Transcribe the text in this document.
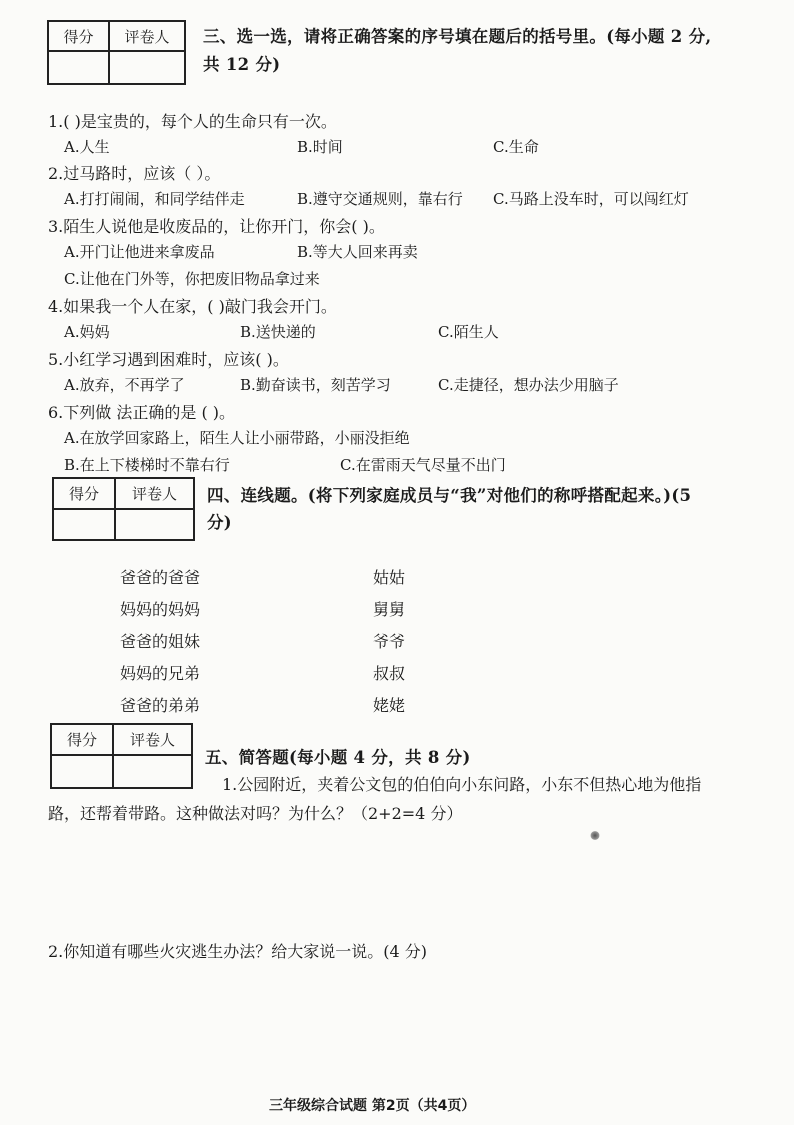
得分	评卷人
	三、选一选，请将正确答案的序号填在题后的括号里。(每小题 2 分,
共 12 分)
1.( )是宝贵的，每个人的生命只有一次。
A.人生	B.时间	C.生命
2.过马路时，应该（ ）。
A.打打闹闹，和同学结伴走	B.遵守交通规则，靠右行 C.马路上没车时，可以闯红灯
3.陌生人说他是收废品的，让你开门，你会( )。
A.开门让他进来拿废品	B.等大人回来再卖
C.让他在门外等，你把废旧物品拿过来
4.如果我一个人在家，( )敲门我会开门。
A.妈妈	B.送快递的	C.陌生人
5.小红学习遇到困难时，应该( )。
A.放弃，不再学了	B.勤奋读书，刻苦学习	C.走捷径，想办法少用脑子
6.下列做 法正确的是 ( )。
A.在放学回家路上，陌生人让小丽带路，小丽没拒绝
B.在上下楼梯时不靠右行	C.在雷雨天气尽量不出门
得分	评卷人
	四、连线题。(将下列家庭成员与“我”对他们的称呼搭配起来。)(5
分)
爸爸的爸爸
妈妈的妈妈
爸爸的姐妹
妈妈的兄弟
爸爸的弟弟
姑姑
舅舅
爷爷
叔叔
姥姥
得分	评卷人

五、简答题(每小题 4 分，共 8 分)
1.公园附近，夹着公文包的伯伯向小东问路，小东不但热心地为他指
路，还帮着带路。这种做法对吗？为什么？（2+2=4 分）
2.你知道有哪些火灾逃生办法？给大家说一说。(4 分)
三年级综合试题 第2页（共4页）
